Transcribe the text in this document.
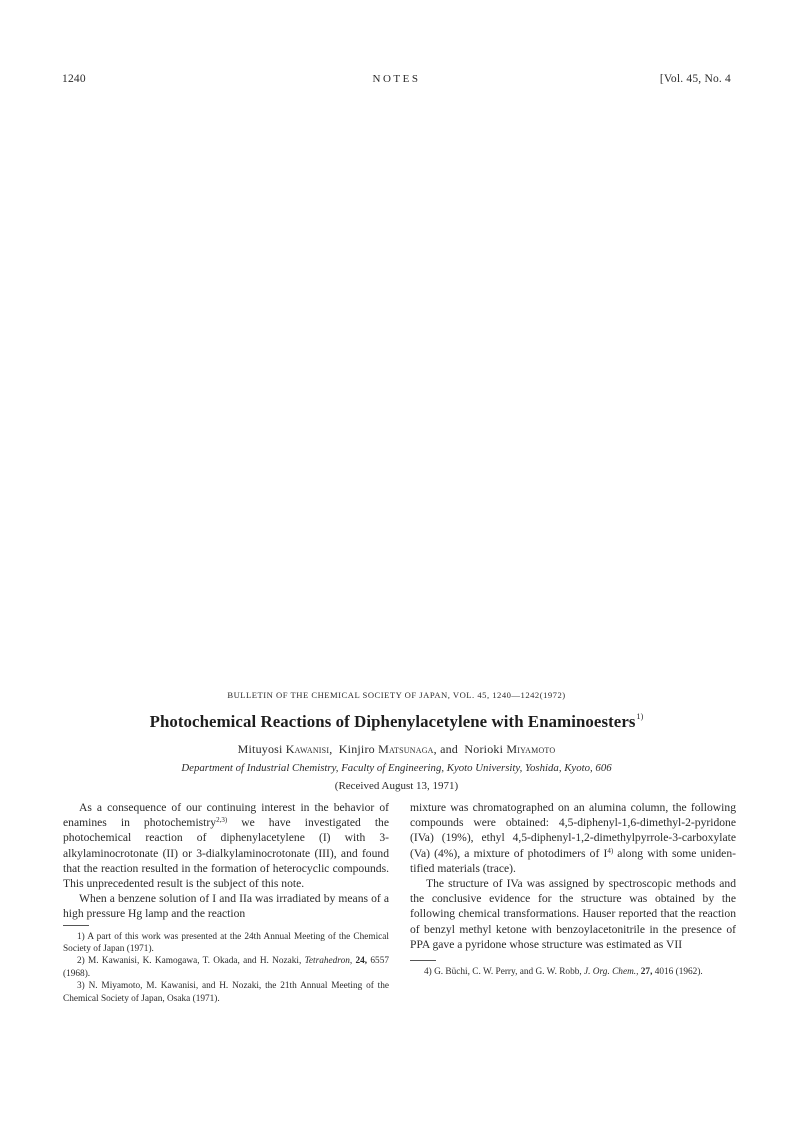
1240	NOTES	[Vol. 45, No. 4
BULLETIN OF THE CHEMICAL SOCIETY OF JAPAN, VOL. 45, 1240—1242(1972)
Photochemical Reactions of Diphenylacetylene with Enaminoesters$^{1)}$
Mituyosi Kawanisi, Kinjiro Matsunaga, and Norioki Miyamoto
Department of Industrial Chemistry, Faculty of Engineering, Kyoto University, Yoshida, Kyoto, 606
(Received August 13, 1971)

As a consequence of our continuing interest in the behavior of enamines in photochemistry$^{2,3)}$ we have investigated the photochemical reaction of diphenylacetylene (I) with 3-alkylaminocrotonate (II) or 3-dialkylaminocrotonate (III), and found that the reaction resulted in the formation of heterocyclic compounds. This unprecedented result is the subject of this note.

When a benzene solution of I and IIa was irradiated by means of a high pressure Hg lamp and the reaction

1) A part of this work was presented at the 24th Annual Meeting of the Chemical Society of Japan (1971).

2) M. Kawanisi, K. Kamogawa, T. Okada, and H. Nozaki, Tetrahedron, 24, 6557 (1968).

3) N. Miyamoto, M. Kawanisi, and H. Nozaki, the 21th Annual Meeting of the Chemical Society of Japan, Osaka (1971).

mixture was chromatographed on an alumina column, the following compounds were obtained: 4,5-diphenyl-1,6-dimethyl-2-pyridone (IVa) (19%), ethyl 4,5-diphenyl-1,2-dimethylpyrrole-3-carboxylate (Va) (4%), a mixture of photodimers of $I^{4)}$ along with some unidentified materials (trace).

The structure of IVa was assigned by spectroscopic methods and the conclusive evidence for the structure was obtained by the following chemical transformations. Hauser reported that the reaction of benzyl methyl ketone with benzoylacetonitrile in the presence of PPA gave a pyridone whose structure was estimated as VII

4) G. Büchi, C. W. Perry, and G. W. Robb, J. Org. Chem., 27, 4016 (1962).
